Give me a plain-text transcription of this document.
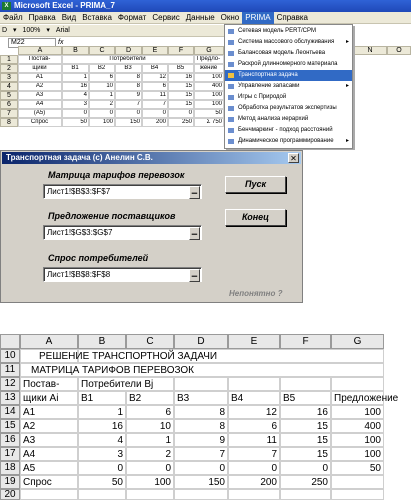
X Microsoft Excel - PRIMA_7
Файл Правка Вид Вставка Формат Сервис Данные Окно PRIMA Справка
D ▾ 100% ▾ Arial
M22	fx
A	B	C	D	E	F	G	N	O
1
2
3
4
5
6
7
8
Постав-	Потребители	Предло-
щики	B1	B2	B3	B4	B5	жение
A1	1	6	8	12	16	100
A2	16	10	8	6	15	400
A3	4	1	9	11	15	100
A4	3	2	7	7	15	100
(A5)	0	0	0	0	0	50
Спрос	50	100	150	200	250	Σ 750
Сетевая модель PERT/CPM
Система массового обслуживания ▸
Балансовая модель Леонтьева
Раскрой длинномерного материала
Транспортная задача
Управление запасами	▸
Игры с Природой
Обработка результатов экспертизы
Метод анализа иерархий
Бенчмаркинг - подход расстояний
Динамическое программирование ▸
Транспортная задача (с) Анелин С.В.	✕
Матрица тарифов перевозок
Лист1!$B$3:$F$7	▁
Предложение поставщиков
Лист1!$G$3:$G$7	▁
Спрос потребителей
Лист1!$B$8:$F$8	▁
Пуск
Конец
Непонятно ?
A	B	C	D	E	F	G
10
11
12
13
14
15
16
17
18
19
20
РЕШЕНИЕ ТРАНСПОРТНОЙ ЗАДАЧИ
МАТРИЦА ТАРИФОВ ПЕРЕВОЗОК
Постав-	Потребители Bj
щики Ai	B1	B2	B3	B4	B5	Предложение
A1	1	6	8	12	16	100
A2	16	10	8	6	15	400
A3	4	1	9	11	15	100
A4	3	2	7	7	15	100
A5	0	0	0	0	0	50
Спрос	50	100	150	200	250
